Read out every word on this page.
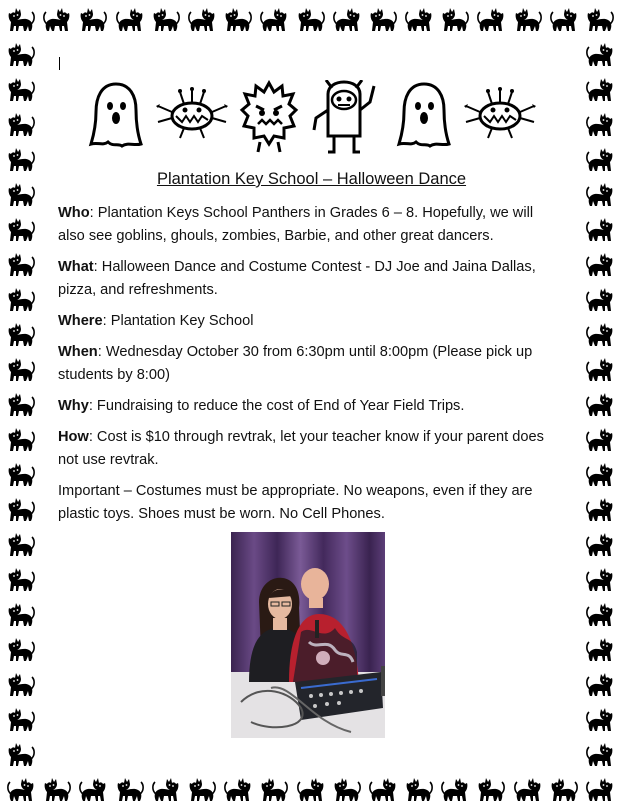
Plantation Key School – Halloween Dance

Who: Plantation Keys School Panthers in Grades 6 – 8. Hopefully, we will also see goblins, ghouls, zombies, Barbie, and other great dancers.

What: Halloween Dance and Costume Contest - DJ Joe and Jaina Dallas, pizza, and refreshments.

Where: Plantation Key School

When: Wednesday October 30 from 6:30pm until 8:00pm (Please pick up students by 8:00)

Why: Fundraising to reduce the cost of End of Year Field Trips.

How: Cost is $10 through revtrak, let your teacher know if your parent does not use revtrak.

Important – Costumes must be appropriate. No weapons, even if they are plastic toys. Shoes must be worn. No Cell Phones.
